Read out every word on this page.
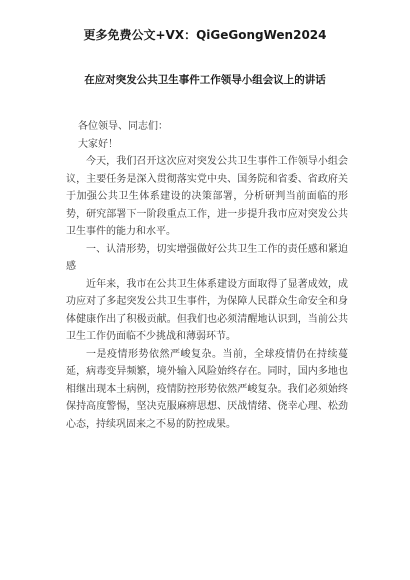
更多免费公文+VX：QiGeGongWen2024
在应对突发公共卫生事件工作领导小组会议上的讲话

各位领导、同志们：

大家好！

今天，我们召开这次应对突发公共卫生事件工作领导小组会议，主要任务是深入贯彻落实党中央、国务院和省委、省政府关于加强公共卫生体系建设的决策部署，分析研判当前面临的形势，研究部署下一阶段重点工作，进一步提升我市应对突发公共卫生事件的能力和水平。

一、认清形势，切实增强做好公共卫生工作的责任感和紧迫感

近年来，我市在公共卫生体系建设方面取得了显著成效，成功应对了多起突发公共卫生事件，为保障人民群众生命安全和身体健康作出了积极贡献。但我们也必须清醒地认识到，当前公共卫生工作仍面临不少挑战和薄弱环节。

一是疫情形势依然严峻复杂。当前，全球疫情仍在持续蔓延，病毒变异频繁，境外输入风险始终存在。同时，国内多地也相继出现本土病例，疫情防控形势依然严峻复杂。我们必须始终保持高度警惕，坚决克服麻痹思想、厌战情绪、侥幸心理、松劲心态，持续巩固来之不易的防控成果。
